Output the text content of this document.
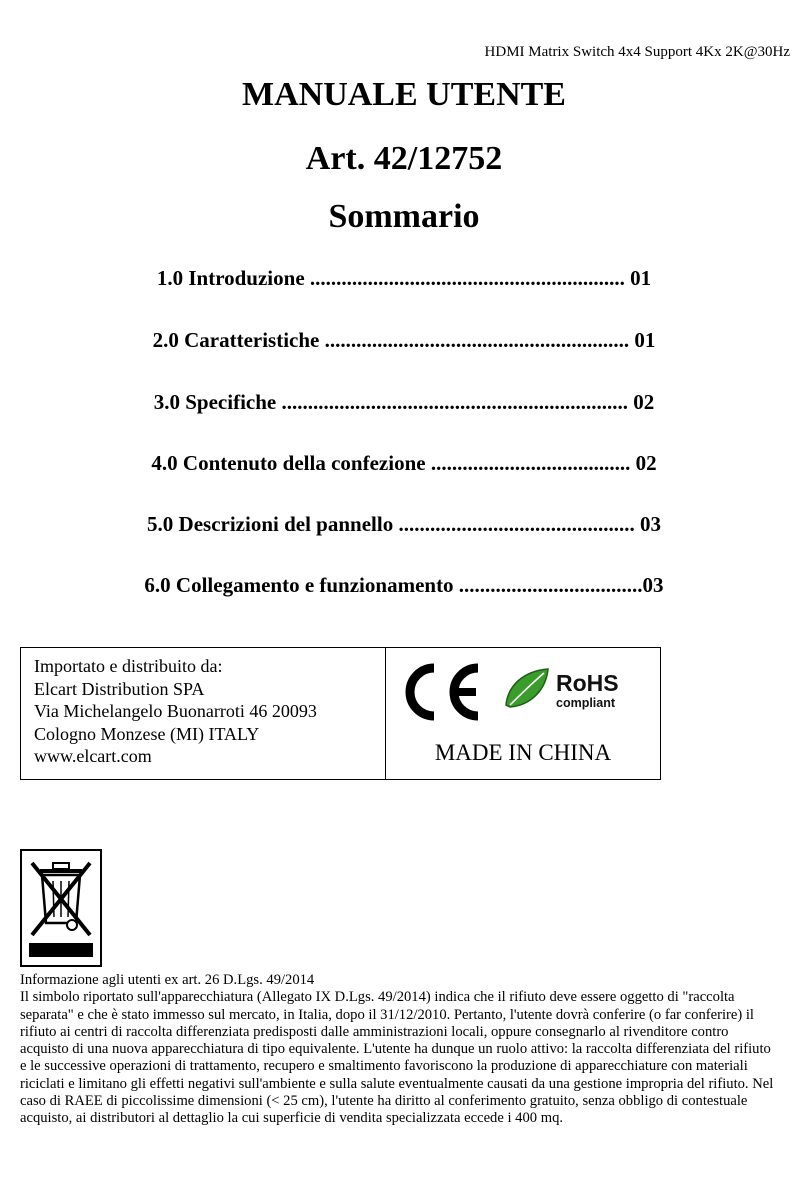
HDMI Matrix Switch 4x4 Support 4Kx 2K@30Hz
MANUALE UTENTE
Art. 42/12752
Sommario
1.0 Introduzione ............................................................ 01
2.0 Caratteristiche .......................................................... 01
3.0 Specifiche .................................................................. 02
4.0 Contenuto della confezione ...................................... 02
5.0 Descrizioni del pannello ............................................. 03
6.0 Collegamento e funzionamento ...................................03
Importato e distribuito da:
Elcart Distribution SPA
Via Michelangelo Buonarroti 46 20093
Cologno Monzese (MI) ITALY
www.elcart.com
RoHS
compliant
MADE IN CHINA

Informazione agli utenti ex art. 26 D.Lgs. 49/2014

Il simbolo riportato sull'apparecchiatura (Allegato IX D.Lgs. 49/2014) indica che il rifiuto deve essere oggetto di "raccolta separata" e che è stato immesso sul mercato, in Italia, dopo il 31/12/2010. Pertanto, l'utente dovrà conferire (o far conferire) il rifiuto ai centri di raccolta differenziata predisposti dalle amministrazioni locali, oppure consegnarlo al rivenditore contro acquisto di una nuova apparecchiatura di tipo equivalente. L'utente ha dunque un ruolo attivo: la raccolta differenziata del rifiuto e le successive operazioni di trattamento, recupero e smaltimento favoriscono la produzione di apparecchiature con materiali riciclati e limitano gli effetti negativi sull'ambiente e sulla salute eventualmente causati da una gestione impropria del rifiuto. Nel caso di RAEE di piccolissime dimensioni (< 25 cm), l'utente ha diritto al conferimento gratuito, senza obbligo di contestuale acquisto, ai distributori al dettaglio la cui superficie di vendita specializzata eccede i 400 mq.
